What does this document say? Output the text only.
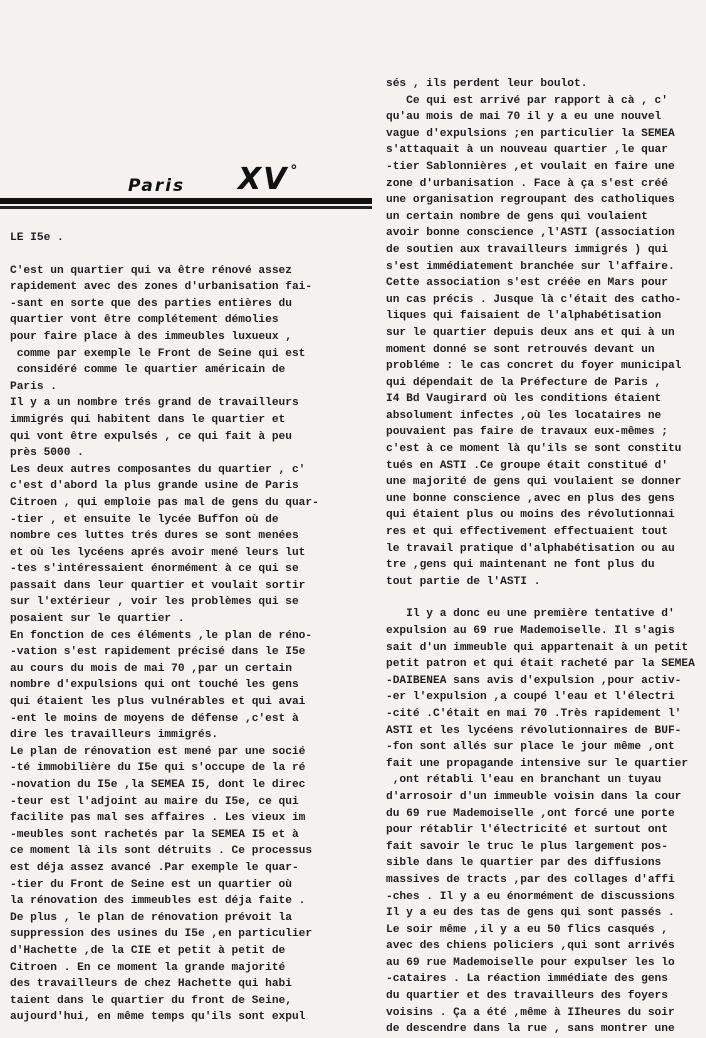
Paris XV °
LE I5e .
C'est un quartier qui va être rénové assez
rapidement avec des zones d'urbanisation fai-
-sant en sorte que des parties entières du
quartier vont être complétement démolies
pour faire place à des immeubles luxueux ,
comme par exemple le Front de Seine qui est
considéré comme le quartier américain de
Paris .
Il y a un nombre trés grand de travailleurs
immigrés qui habitent dans le quartier et
qui vont être expulsés , ce qui fait à peu
près 5000 .
Les deux autres composantes du quartier , c'
c'est d'abord la plus grande usine de Paris
Citroen , qui emploie pas mal de gens du quar-
-tier , et ensuite le lycée Buffon où de
nombre ces luttes trés dures se sont menées
et où les lycéens aprés avoir mené leurs lut
-tes s'intéressaient énormément à ce qui se
passait dans leur quartier et voulait sortir
sur l'extérieur , voir les problèmes qui se
posaient sur le quartier .
En fonction de ces éléments ,le plan de réno-
-vation s'est rapidement précisé dans le I5e
au cours du mois de mai 70 ,par un certain
nombre d'expulsions qui ont touché les gens
qui étaient les plus vulnérables et qui avai
-ent le moins de moyens de défense ,c'est à
dire les travailleurs immigrés.
Le plan de rénovation est mené par une socié
-té immobilière du I5e qui s'occupe de la ré
-novation du I5e ,la SEMEA I5, dont le direc
-teur est l'adjoint au maire du I5e, ce qui
facilite pas mal ses affaires . Les vieux im
-meubles sont rachetés par la SEMEA I5 et à
ce moment là ils sont détruits . Ce processus
est déja assez avancé .Par exemple le quar-
-tier du Front de Seine est un quartier où
la rénovation des immeubles est déja faite .
De plus , le plan de rénovation prévoit la
suppression des usines du I5e ,en particulier
d'Hachette ,de la CIE et petit à petit de
Citroen . En ce moment la grande majorité
des travailleurs de chez Hachette qui habi
taient dans le quartier du front de Seine,
aujourd'hui, en même temps qu'ils sont expul
sés , ils perdent leur boulot.
Ce qui est arrivé par rapport à cà , c'
qu'au mois de mai 70 il y a eu une nouvel
vague d'expulsions ;en particulier la SEMEA
s'attaquait à un nouveau quartier ,le quar
-tier Sablonnières ,et voulait en faire une
zone d'urbanisation . Face à ça s'est créé
une organisation regroupant des catholiques
un certain nombre de gens qui voulaient
avoir bonne conscience ,l'ASTI (association
de soutien aux travailleurs immigrés ) qui
s'est immédiatement branchée sur l'affaire.
Cette association s'est créée en Mars pour
un cas précis . Jusque là c'était des catho-
liques qui faisaient de l'alphabétisation
sur le quartier depuis deux ans et qui à un
moment donné se sont retrouvés devant un
probléme : le cas concret du foyer municipal
qui dépendait de la Préfecture de Paris ,
I4 Bd Vaugirard où les conditions étaient
absolument infectes ,où les locataires ne
pouvaient pas faire de travaux eux-mêmes ;
c'est à ce moment là qu'ils se sont constitu
tués en ASTI .Ce groupe était constitué d'
une majorité de gens qui voulaient se donner
une bonne conscience ,avec en plus des gens
qui étaient plus ou moins des révolutionnai
res et qui effectivement effectuaient tout
le travail pratique d'alphabétisation ou au
tre ,gens qui maintenant ne font plus du
tout partie de l'ASTI .
Il y a donc eu une première tentative d'
expulsion au 69 rue Mademoiselle. Il s'agis
sait d'un immeuble qui appartenait à un petit
petit patron et qui était racheté par la SEMEA
-DAIBENEA sans avis d'expulsion ,pour activ-
-er l'expulsion ,a coupé l'eau et l'électri
-cité .C'était en mai 70 .Très rapidement l'
ASTI et les lycéens révolutionnaires de BUF-
-fon sont allés sur place le jour même ,ont
fait une propagande intensive sur le quartier
,ont rétabli l'eau en branchant un tuyau
d'arrosoir d'un immeuble voisin dans la cour
du 69 rue Mademoiselle ,ont forcé une porte
pour rétablir l'électricité et surtout ont
fait savoir le truc le plus largement pos-
sible dans le quartier par des diffusions
massives de tracts ,par des collages d'affi
-ches . Il y a eu énormément de discussions
Il y a eu des tas de gens qui sont passés .
Le soir même ,il y a eu 50 flics casqués ,
avec des chiens policiers ,qui sont arrivés
au 69 rue Mademoiselle pour expulser les lo
-cataires . La réaction immédiate des gens
du quartier et des travailleurs des foyers
voisins . Ça a été ,même à IIheures du soir
de descendre dans la rue , sans montrer une
